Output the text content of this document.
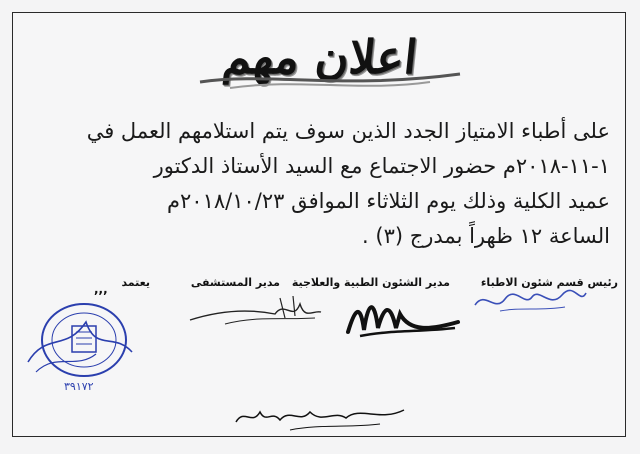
اعلان مهم
على أطباء الامتياز الجدد الذين سوف يتم استلامهم العمل في
١-١١-٢٠١٨م حضور الاجتماع مع السيد الأستاذ الدكتور
عميد الكلية وذلك يوم الثلاثاء الموافق ٢٠١٨/١٠/٢٣م
الساعة ١٢ ظهراً بمدرج (٣) .
رئيس قسم شئون الاطباء
مدير الشئون الطبية والعلاجية
مدير المستشفى
يعتمد
,,,
٣٩١٧٢
